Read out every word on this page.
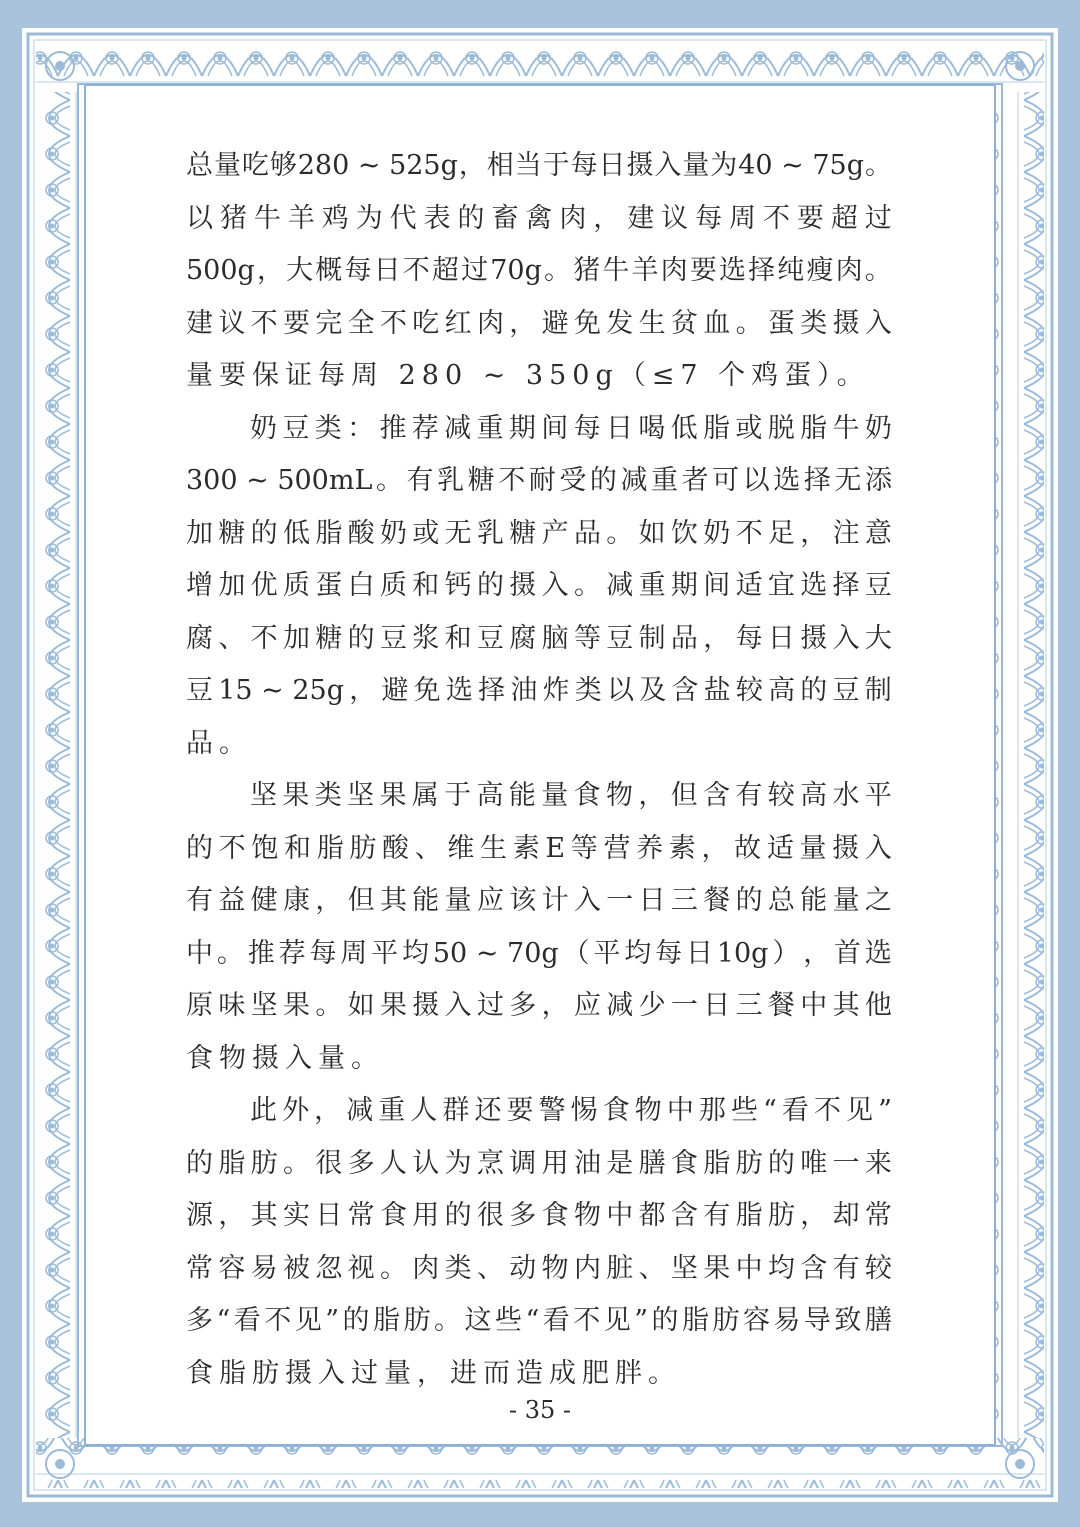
总 量 吃 够 280 ~ 525g ， 相 当 于 每 日 摄 入 量 为 40 ~ 75g 。
以 猪 牛 羊 鸡 为 代 表 的 畜 禽 肉 ， 建 议 每 周 不 要 超 过
500g ， 大 概 每 日 不 超 过 70g 。 猪 牛 羊 肉 要 选 择 纯 瘦 肉 。
建 议 不 要 完 全 不 吃 红 肉 ， 避 免 发 生 贫 血 。 蛋 类 摄 入
量要保证每周 280 ~ 350g（≤7 个鸡蛋）。
奶 豆 类 ： 推 荐 减 重 期 间 每 日 喝 低 脂 或 脱 脂 牛 奶
300 ~ 500mL 。 有 乳 糖 不 耐 受 的 减 重 者 可 以 选 择 无 添
加 糖 的 低 脂 酸 奶 或 无 乳 糖 产 品 。 如 饮 奶 不 足 ， 注 意
增 加 优 质 蛋 白 质 和 钙 的 摄 入 。 减 重 期 间 适 宜 选 择 豆
腐 、 不 加 糖 的 豆 浆 和 豆 腐 脑 等 豆 制 品 ， 每 日 摄 入 大
豆 15 ~ 25g ， 避 免 选 择 油 炸 类 以 及 含 盐 较 高 的 豆 制
品。
坚 果 类 坚 果 属 于 高 能 量 食 物 ， 但 含 有 较 高 水 平
的 不 饱 和 脂 肪 酸 、 维 生 素 E 等 营 养 素 ， 故 适 量 摄 入
有 益 健 康 ， 但 其 能 量 应 该 计 入 一 日 三 餐 的 总 能 量 之
中 。 推 荐 每 周 平 均 50 ~ 70g （ 平 均 每 日 10g ） ， 首 选
原 味 坚 果 。 如 果 摄 入 过 多 ， 应 减 少 一 日 三 餐 中 其 他
食物摄入量。
此 外 ， 减 重 人 群 还 要 警 惕 食 物 中 那 些 “ 看 不 见 ”
的 脂 肪 。 很 多 人 认 为 烹 调 用 油 是 膳 食 脂 肪 的 唯 一 来
源 ， 其 实 日 常 食 用 的 很 多 食 物 中 都 含 有 脂 肪 ， 却 常
常 容 易 被 忽 视 。 肉 类 、 动 物 内 脏 、 坚 果 中 均 含 有 较
多 “ 看 不 见 ” 的 脂 肪 。 这 些 “ 看 不 见 ” 的 脂 肪 容 易 导 致 膳
食脂肪摄入过量，进而造成肥胖。
- 35 -
